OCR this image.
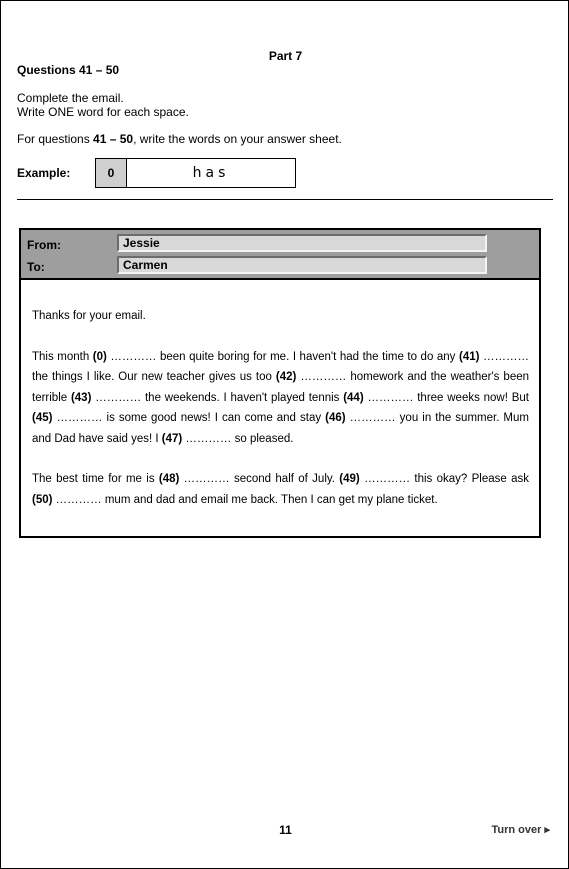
Part 7
Questions 41 – 50
Complete the email.
Write ONE word for each space.
For questions 41 – 50, write the words on your answer sheet.
Example:	0	has
From:	Jessie
To:	Carmen

Thanks for your email.

This month (0) ………… been quite boring for me. I haven't had the time to do any (41) ………… the things I like. Our new teacher gives us too (42) ………… homework and the weather's been terrible (43) ………… the weekends. I haven't played tennis (44) ………… three weeks now! But (45) ………… is some good news! I can come and stay (46) ………… you in the summer. Mum and Dad have said yes! I (47) ………… so pleased.

The best time for me is (48) ………… second half of July. (49) ………… this okay? Please ask (50) ………… mum and dad and email me back. Then I can get my plane ticket.

11	Turn over ▸
